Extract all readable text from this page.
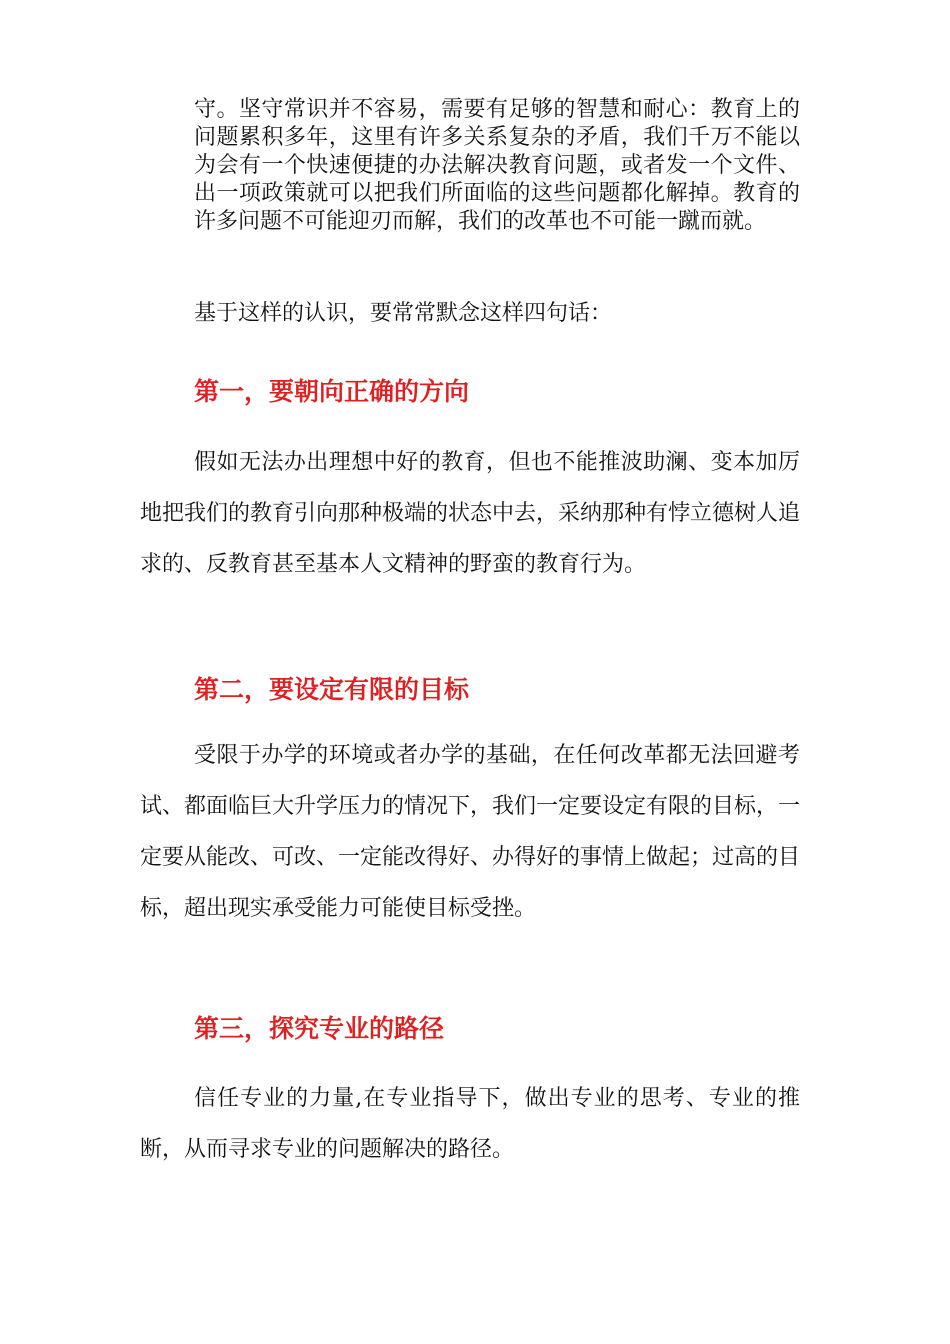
守。坚守常识并不容易，需要有足够的智慧和耐心：教育上的问题累积多年，这里有许多关系复杂的矛盾，我们千万不能以为会有一个快速便捷的办法解决教育问题，或者发一个文件、出一项政策就可以把我们所面临的这些问题都化解掉。教育的许多问题不可能迎刃而解，我们的改革也不可能一蹴而就。

基于这样的认识，要常常默念这样四句话：

第一，要朝向正确的方向

假如无法办出理想中好的教育，但也不能推波助澜、变本加厉地把我们的教育引向那种极端的状态中去，采纳那种有悖立德树人追求的、反教育甚至基本人文精神的野蛮的教育行为。

第二，要设定有限的目标

受限于办学的环境或者办学的基础，在任何改革都无法回避考试、都面临巨大升学压力的情况下，我们一定要设定有限的目标，一定要从能改、可改、一定能改得好、办得好的事情上做起；过高的目标，超出现实承受能力可能使目标受挫。

第三，探究专业的路径

信任专业的力量,在专业指导下，做出专业的思考、专业的推断，从而寻求专业的问题解决的路径。
